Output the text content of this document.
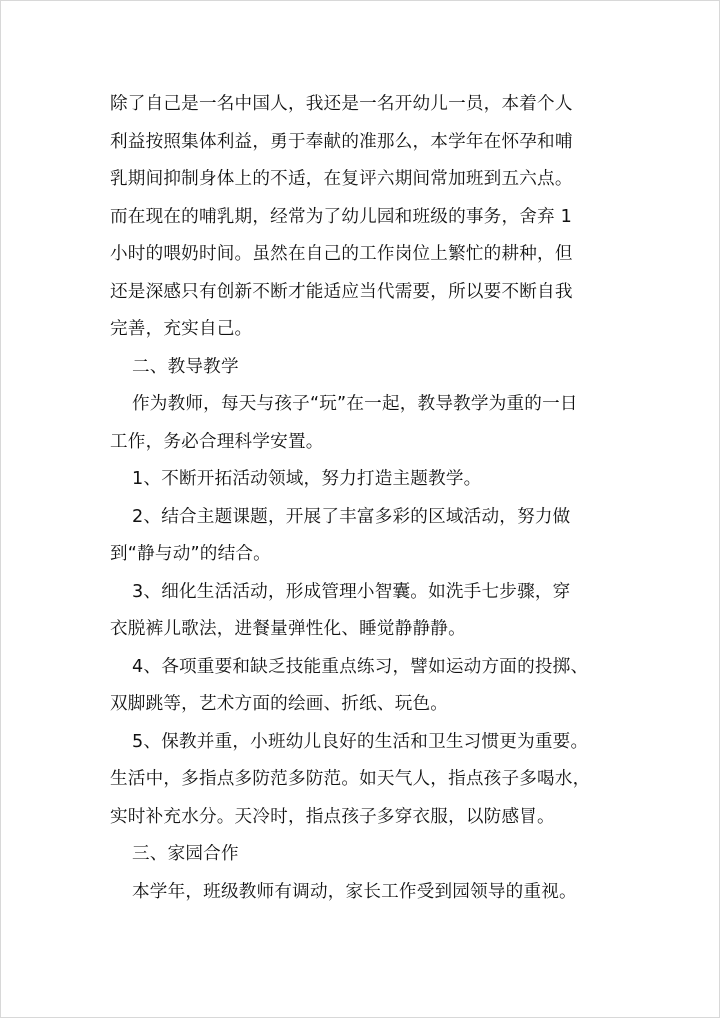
除了自己是一名中国人，我还是一名开幼儿一员，本着个人
利益按照集体利益，勇于奉献的准那么，本学年在怀孕和哺
乳期间抑制身体上的不适，在复评六期间常加班到五六点。
而在现在的哺乳期，经常为了幼儿园和班级的事务，舍弃 1
小时的喂奶时间。虽然在自己的工作岗位上繁忙的耕种，但
还是深感只有创新不断才能适应当代需要，所以要不断自我
完善，充实自己。
二、教导教学
作为教师，每天与孩子“玩”在一起，教导教学为重的一日
工作，务必合理科学安置。
1、不断开拓活动领域，努力打造主题教学。
2、结合主题课题，开展了丰富多彩的区域活动，努力做
到“静与动”的结合。
3、细化生活活动，形成管理小智囊。如洗手七步骤，穿
衣脱裤儿歌法，进餐量弹性化、睡觉静静静。
4、各项重要和缺乏技能重点练习，譬如运动方面的投掷、
双脚跳等，艺术方面的绘画、折纸、玩色。
5、保教并重，小班幼儿良好的生活和卫生习惯更为重要。
生活中，多指点多防范多防范。如天气人，指点孩子多喝水，
实时补充水分。天冷时，指点孩子多穿衣服，以防感冒。
三、家园合作
本学年，班级教师有调动，家长工作受到园领导的重视。
